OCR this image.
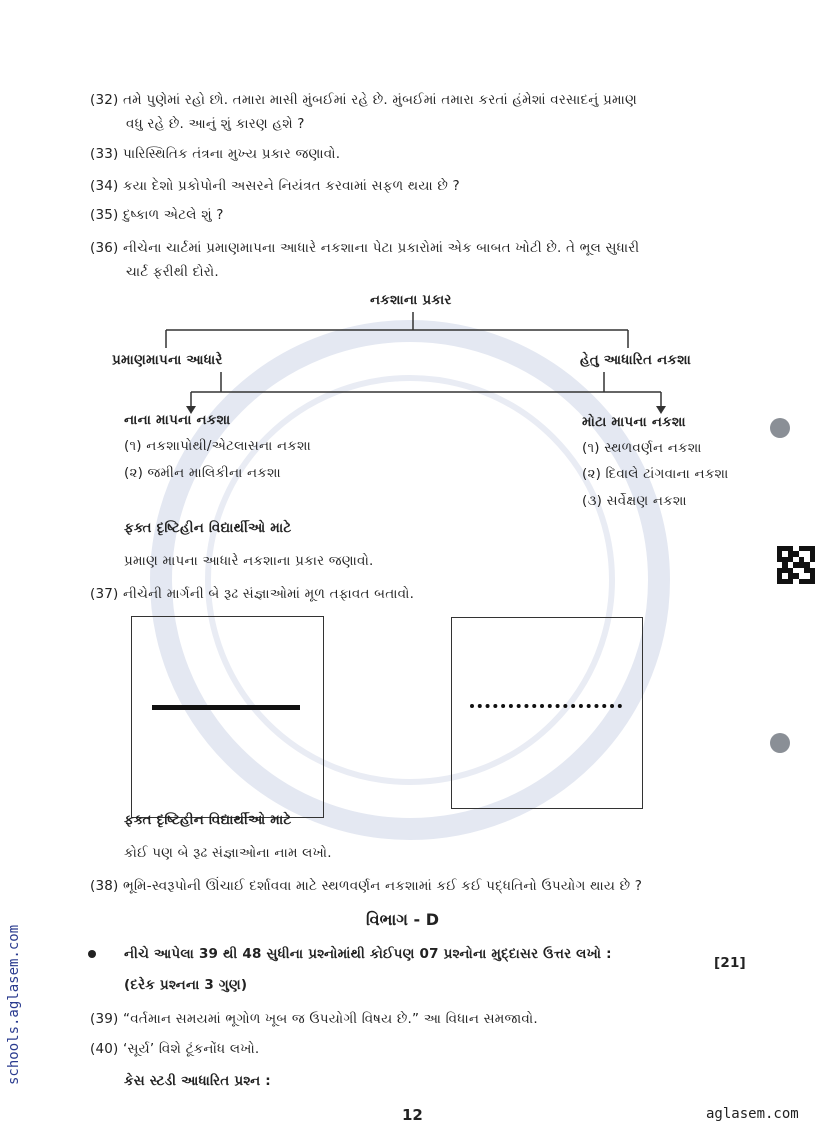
(32) તમે પુણેમાં રહો છો. તમારા માસી મુંબઈમાં રહે છે. મુંબઈમાં તમારા કરતાં હંમેશાં વરસાદનું પ્રમાણ
વધુ રહે છે. આનું શું કારણ હશે ?
(33) પારિસ્થિતિક તંત્રના મુખ્ય પ્રકાર જણાવો.
(34) કયા દેશો પ્રકોપોની અસરને નિયંત્રત કરવામાં સફળ થયા છે ?
(35) દુષ્કાળ એટલે શું ?
(36) નીચેના ચાર્ટમાં પ્રમાણમાપના આધારે નકશાના પેટા પ્રકારોમાં એક બાબત ખોટી છે. તે ભૂલ સુધારી
ચાર્ટ ફરીથી દોરો.
નકશાના પ્રકાર
પ્રમાણમાપના આધારે	હેતુ આધારિત નકશા
નાના માપના નકશા
(૧) નકશાપોથી/એટલાસના નકશા
(૨) જમીન માલિકીના નકશા
મોટા માપના નકશા
(૧) સ્થળવર્ણન નકશા
(૨) દિવાલે ટાંગવાના નકશા
(૩) સર્વેક્ષણ નકશા
ફક્ત દૃષ્ટિહીન વિદ્યાર્થીઓ માટે
પ્રમાણ માપના આધારે નકશાના પ્રકાર જણાવો.
(37) નીચેની માર્ગની બે રૂઢ સંજ્ઞાઓમાં મૂળ તફાવત બતાવો.
ફક્ત દૃષ્ટિહીન વિદ્યાર્થીઓ માટે
કોઈ પણ બે રૂઢ સંજ્ઞાઓના નામ લખો.
(38) ભૂમિ-સ્વરૂપોની ઊંચાઈ દર્શાવવા માટે સ્થળવર્ણન નકશામાં કઈ કઈ પદ્ધતિનો ઉપયોગ થાય છે ?
વિભાગ - D
નીચે આપેલા 39 થી 48 સુધીના પ્રશ્નોમાંથી કોઈપણ 07 પ્રશ્નોના મુદ્દાસર ઉત્તર લખો :
[21]
(દરેક પ્રશ્નના 3 ગુણ)
(39) “વર્તમાન સમયમાં ભૂગોળ ખૂબ જ ઉપયોગી વિષય છે.” આ વિધાન સમજાવો.
(40) ‘સૂર્ય’ વિશે ટૂંકનોંધ લખો.
કેસ સ્ટડી આધારિત પ્રશ્ન :
12	aglasem.com
schools.aglasem.com
